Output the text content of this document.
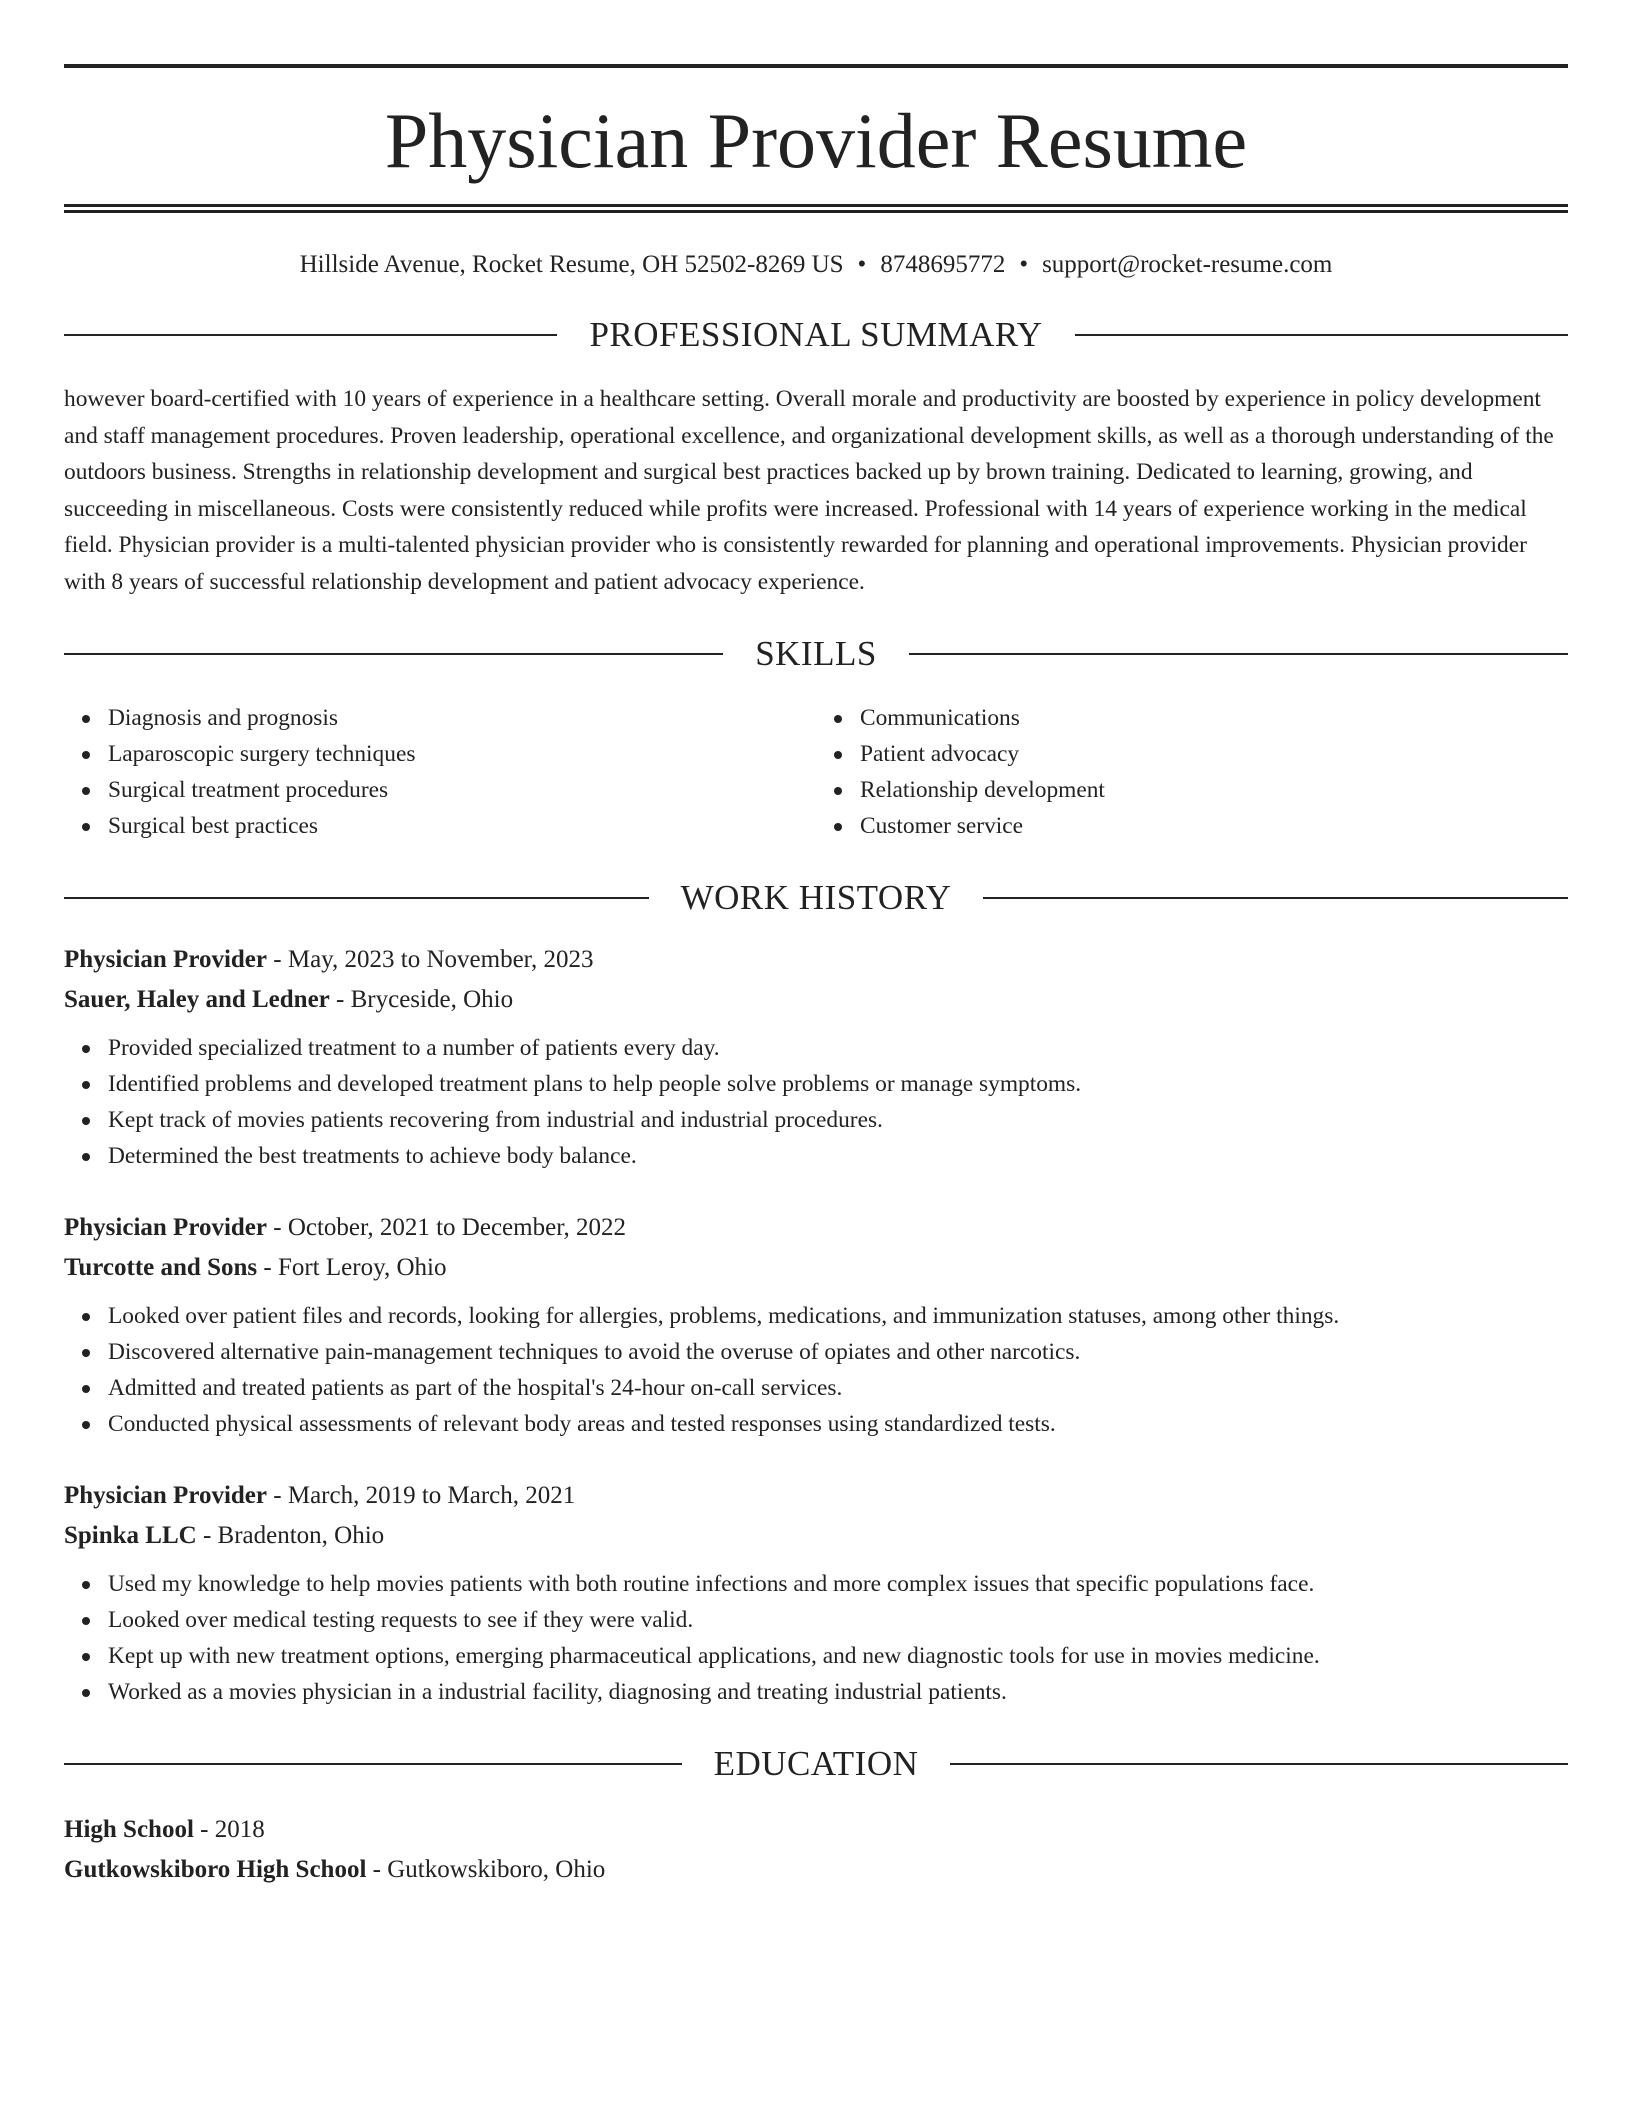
Physician Provider Resume
Hillside Avenue, Rocket Resume, OH 52502-8269 US • 8748695772 • support@rocket-resume.com
PROFESSIONAL SUMMARY
however board-certified with 10 years of experience in a healthcare setting. Overall morale and productivity are boosted by experience in policy development and staff management procedures. Proven leadership, operational excellence, and organizational development skills, as well as a thorough understanding of the outdoors business. Strengths in relationship development and surgical best practices backed up by brown training. Dedicated to learning, growing, and succeeding in miscellaneous. Costs were consistently reduced while profits were increased. Professional with 14 years of experience working in the medical field. Physician provider is a multi-talented physician provider who is consistently rewarded for planning and operational improvements. Physician provider with 8 years of successful relationship development and patient advocacy experience.
SKILLS
Diagnosis and prognosis
Laparoscopic surgery techniques
Surgical treatment procedures
Surgical best practices
Communications
Patient advocacy
Relationship development
Customer service
WORK HISTORY
Physician Provider - May, 2023 to November, 2023
Sauer, Haley and Ledner - Bryceside, Ohio
Provided specialized treatment to a number of patients every day.
Identified problems and developed treatment plans to help people solve problems or manage symptoms.
Kept track of movies patients recovering from industrial and industrial procedures.
Determined the best treatments to achieve body balance.
Physician Provider - October, 2021 to December, 2022
Turcotte and Sons - Fort Leroy, Ohio
Looked over patient files and records, looking for allergies, problems, medications, and immunization statuses, among other things.
Discovered alternative pain-management techniques to avoid the overuse of opiates and other narcotics.
Admitted and treated patients as part of the hospital's 24-hour on-call services.
Conducted physical assessments of relevant body areas and tested responses using standardized tests.
Physician Provider - March, 2019 to March, 2021
Spinka LLC - Bradenton, Ohio
Used my knowledge to help movies patients with both routine infections and more complex issues that specific populations face.
Looked over medical testing requests to see if they were valid.
Kept up with new treatment options, emerging pharmaceutical applications, and new diagnostic tools for use in movies medicine.
Worked as a movies physician in a industrial facility, diagnosing and treating industrial patients.
EDUCATION
High School - 2018
Gutkowskiboro High School - Gutkowskiboro, Ohio
